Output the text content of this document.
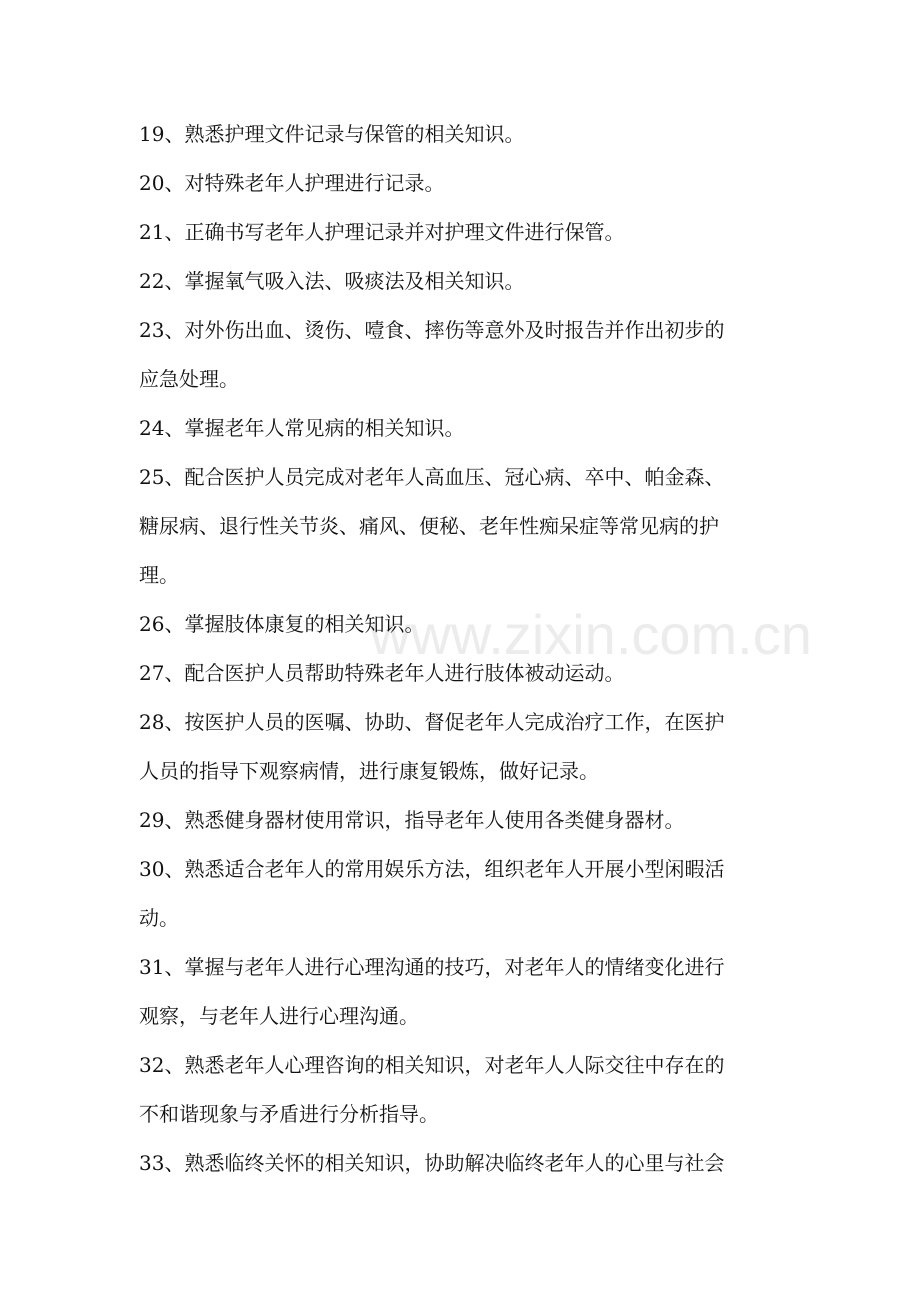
www.zixin.com.cn
19、熟悉护理文件记录与保管的相关知识。
20、对特殊老年人护理进行记录。
21、正确书写老年人护理记录并对护理文件进行保管。
22、掌握氧气吸入法、吸痰法及相关知识。
23、对外伤出血、烫伤、噎食、摔伤等意外及时报告并作出初步的
应急处理。
24、掌握老年人常见病的相关知识。
25、配合医护人员完成对老年人高血压、冠心病、卒中、帕金森、
糖尿病、退行性关节炎、痛风、便秘、老年性痴呆症等常见病的护
理。
26、掌握肢体康复的相关知识。
27、配合医护人员帮助特殊老年人进行肢体被动运动。
28、按医护人员的医嘱、协助、督促老年人完成治疗工作，在医护
人员的指导下观察病情，进行康复锻炼，做好记录。
29、熟悉健身器材使用常识，指导老年人使用各类健身器材。
30、熟悉适合老年人的常用娱乐方法，组织老年人开展小型闲暇活
动。
31、掌握与老年人进行心理沟通的技巧，对老年人的情绪变化进行
观察，与老年人进行心理沟通。
32、熟悉老年人心理咨询的相关知识，对老年人人际交往中存在的
不和谐现象与矛盾进行分析指导。
33、熟悉临终关怀的相关知识，协助解决临终老年人的心里与社会
